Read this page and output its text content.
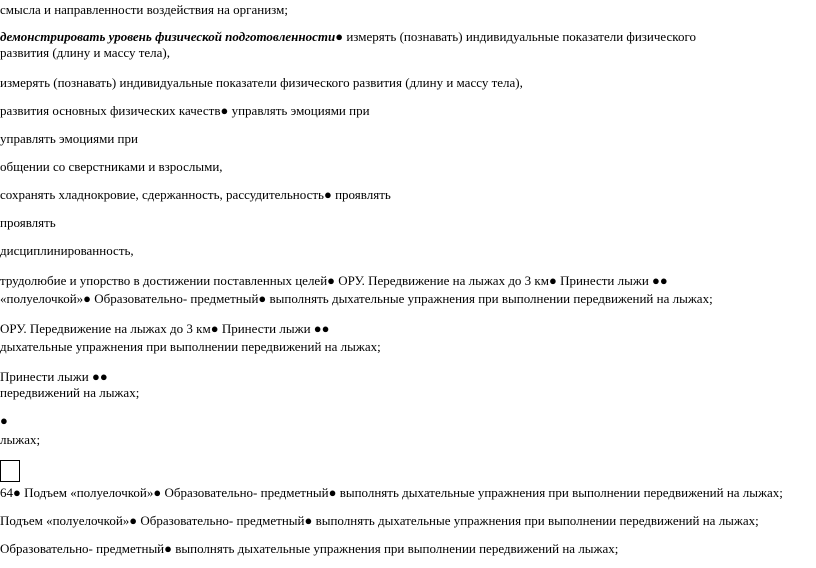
смысла и направленности воздействия на организм;
демонстрировать уровень физической подготовленности● измерять (познавать) индивидуальные показатели физического
развития (длину и массу тела),
измерять (познавать) индивидуальные показатели физического развития (длину и массу тела),
развития основных физических качеств● управлять эмоциями при
управлять эмоциями при
общении со сверстниками и взрослыми,
сохранять хладнокровие, сдержанность, рассудительность● проявлять
проявлять
дисциплинированность,
трудолюбие и упорство в достижении поставленных целей● ОРУ. Передвижение на лыжах до 3 км● Принести лыжи ●●
«полуелочкой»● Образовательно- предметный● выполнять дыхательные упражнения при выполнении передвижений на лыжах;
ОРУ. Передвижение на лыжах до 3 км● Принести лыжи ●●
дыхательные упражнения при выполнении передвижений на лыжах;
Принести лыжи ●●
передвижений на лыжах;
●
лыжах;
64● Подъем «полуелочкой»● Образовательно- предметный● выполнять дыхательные упражнения при выполнении передвижений на лыжах;
Подъем «полуелочкой»● Образовательно- предметный● выполнять дыхательные упражнения при выполнении передвижений на лыжах;
Образовательно- предметный● выполнять дыхательные упражнения при выполнении передвижений на лыжах;
